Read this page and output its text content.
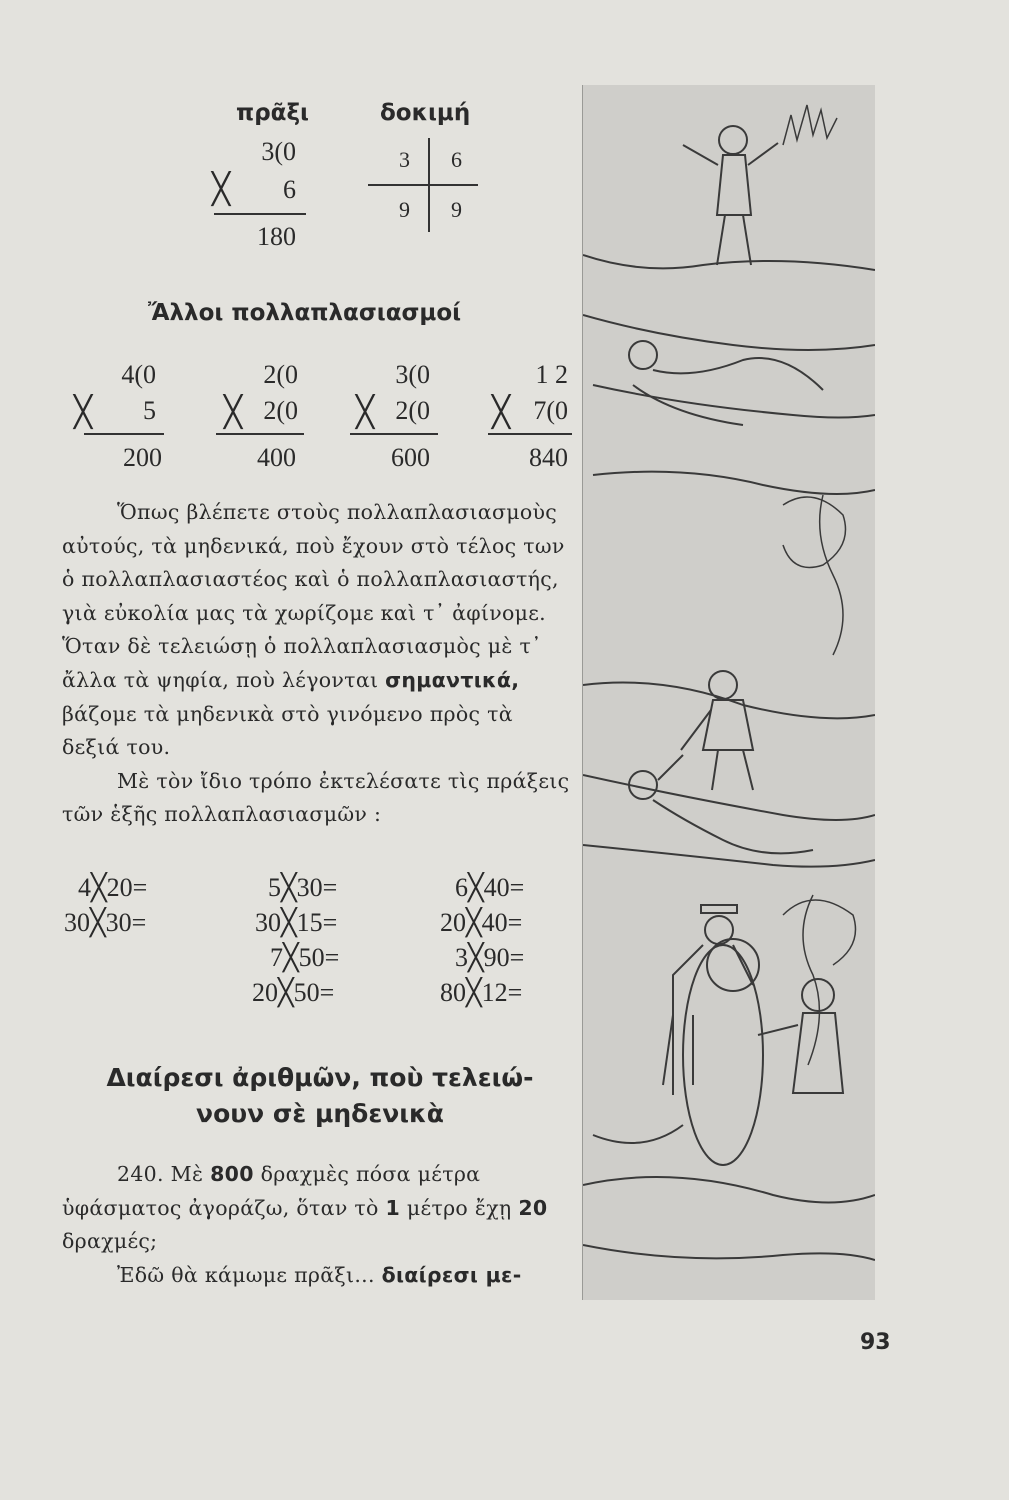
πρᾶξι	δοκιμή
3(0
╳	6
180
3	6
9	9
Ἄλλοι πολλαπλασιασμοί
4(0
╳	5
200
2(0
╳ 2(0
400
3(0
╳ 2(0
600
1 2
╳ 7(0
840

Ὅπως βλέπετε στοὺς πολλαπλασιασμοὺς αὐτούς, τὰ μηδενικά, ποὺ ἔχουν στὸ τέλος των ὁ πολλαπλασιαστέος καὶ ὁ πολλαπλασιαστής, γιὰ εὐκολία μας τὰ χωρίζομε καὶ τ᾽ ἀφίνομε. Ὅταν δὲ τελειώσῃ ὁ πολλαπλασιασμὸς μὲ τ᾽ ἄλλα τὰ ψηφία, ποὺ λέγονται σημαντικά, βάζομε τὰ μηδενικὰ στὸ γινόμενο πρὸς τὰ δεξιά του.

Μὲ τὸν ἴδιο τρόπο ἐκτελέσατε τὶς πράξεις τῶν ἑξῆς πολλαπλασιασμῶν :

4╳20=
30╳30=
5╳30=
30╳15=
7╳50=
20╳50=
6╳40=
20╳40=
3╳90=
80╳12=
Διαίρεσι ἀριθμῶν, ποὺ τελειώ-
νουν σὲ μηδενικὰ

240. Μὲ 800 δραχμὲς πόσα μέτρα ὑφάσματος ἀγοράζω, ὅταν τὸ 1 μέτρο ἔχῃ 20 δραχμές;

Ἐδῶ θὰ κάμωμε πρᾶξι... διαίρεσι με-

93
